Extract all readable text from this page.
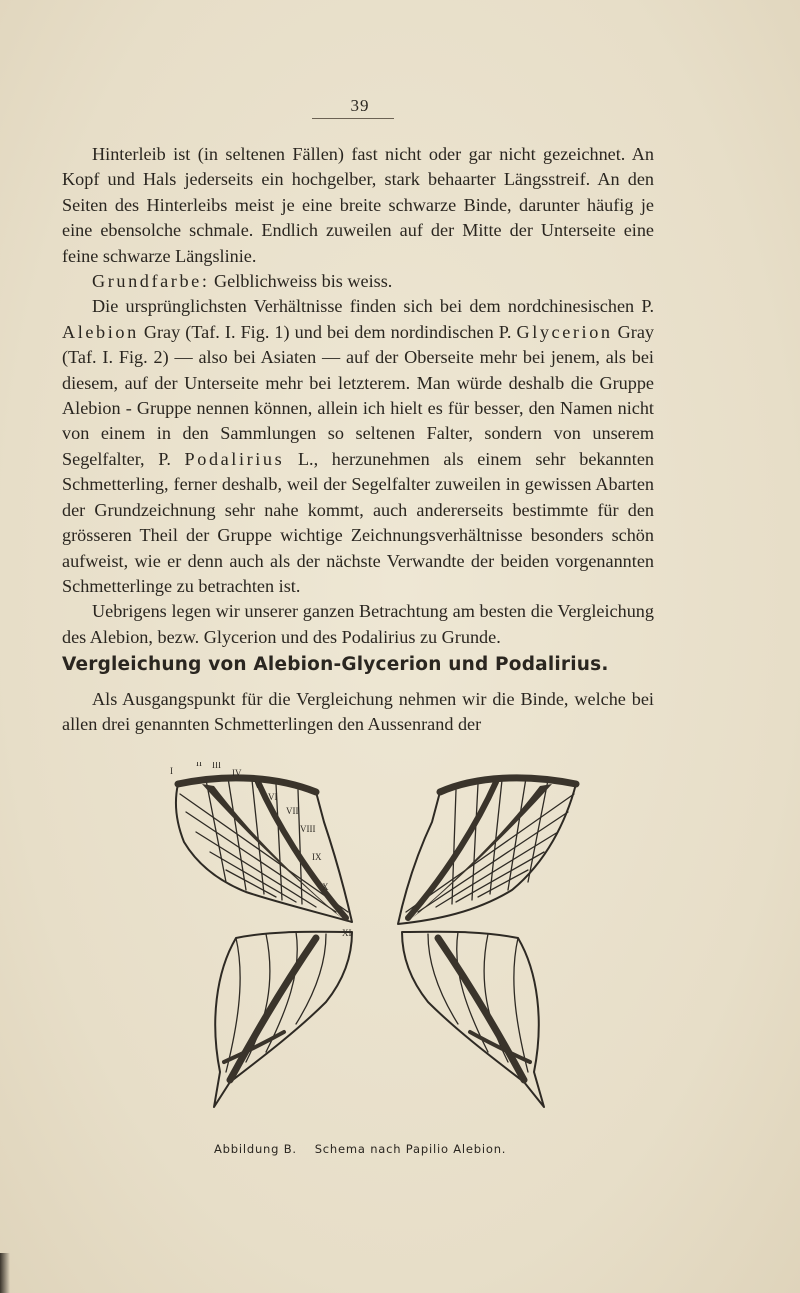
39

Hinterleib ist (in seltenen Fällen) fast nicht oder gar nicht gezeichnet. An Kopf und Hals jederseits ein hochgelber, stark behaarter Längsstreif. An den Seiten des Hinterleibs meist je eine breite schwarze Binde, darunter häufig je eine ebensolche schmale. Endlich zuweilen auf der Mitte der Unterseite eine feine schwarze Längslinie.

Grundfarbe: Gelblichweiss bis weiss.

Die ursprünglichsten Verhältnisse finden sich bei dem nordchinesischen P. Alebion Gray (Taf. I. Fig. 1) und bei dem nordindischen P. Glycerion Gray (Taf. I. Fig. 2) — also bei Asiaten — auf der Oberseite mehr bei jenem, als bei diesem, auf der Unterseite mehr bei letzterem. Man würde deshalb die Gruppe Alebion - Gruppe nennen können, allein ich hielt es für besser, den Namen nicht von einem in den Sammlungen so seltenen Falter, sondern von unserem Segelfalter, P. Podalirius L., herzunehmen als einem sehr bekannten Schmetterling, ferner deshalb, weil der Segelfalter zuweilen in gewissen Abarten der Grundzeichnung sehr nahe kommt, auch andererseits bestimmte für den grösseren Theil der Gruppe wichtige Zeichnungsverhältnisse besonders schön aufweist, wie er denn auch als der nächste Verwandte der beiden vorgenannten Schmetterlinge zu betrachten ist.

Uebrigens legen wir unserer ganzen Betrachtung am besten die Vergleichung des Alebion, bezw. Glycerion und des Podalirius zu Grunde.

Vergleichung von Alebion-Glycerion und Podalirius.

Als Ausgangspunkt für die Vergleichung nehmen wir die Binde, welche bei allen drei genannten Schmetterlingen den Aussenrand der

I
II III
IV
V
VI
VII
VIII
IX
X
XI
Abbildung B. Schema nach Papilio Alebion.
